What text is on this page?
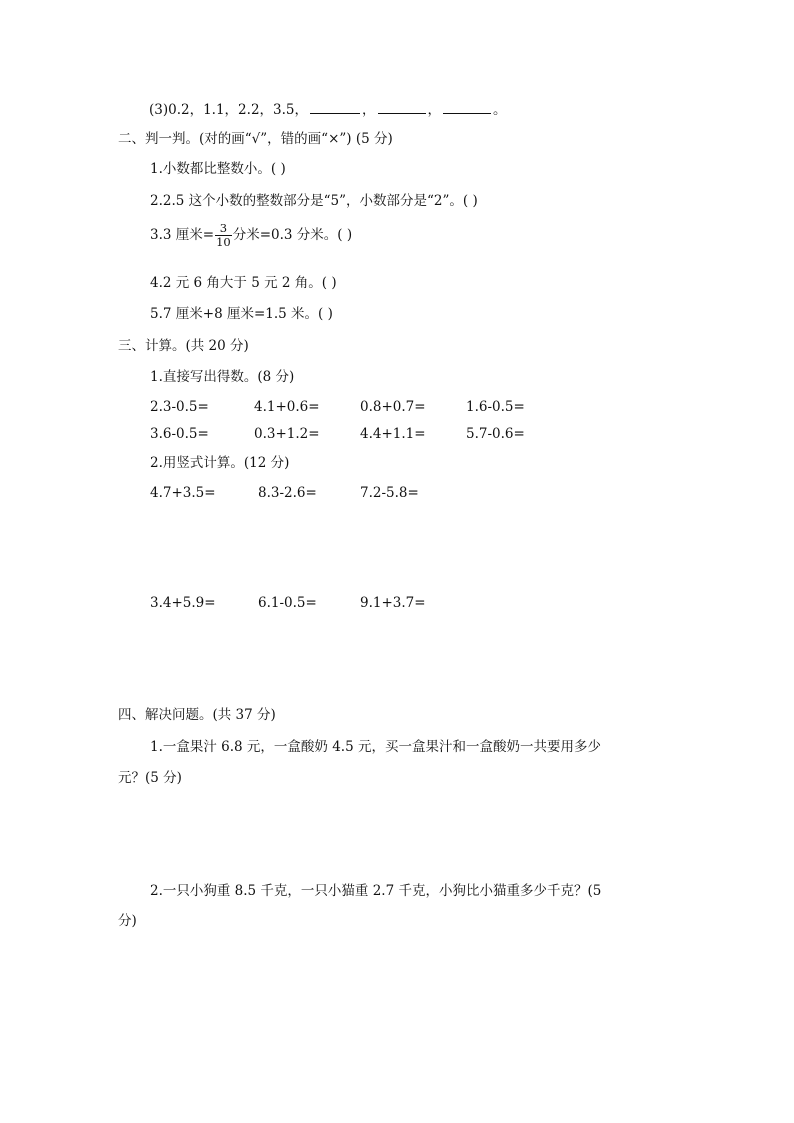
(3)0.2，1.1，2.2，3.5，	，	，	。
二、判一判。(对的画“√”，错的画“×”) (5 分)
1.小数都比整数小。( )
2.2.5 这个小数的整数部分是“5”，小数部分是“2”。( )
3.3 厘米= $\frac{3}{10}$ 分米=0.3 分米。( )
4.2 元 6 角大于 5 元 2 角。( )
5.7 厘米+8 厘米=1.5 米。( )
三、计算。(共 20 分)
1.直接写出得数。(8 分)
2.3-0.5=	4.1+0.6=	0.8+0.7=	1.6-0.5=
3.6-0.5=	0.3+1.2=	4.4+1.1=	5.7-0.6=
2.用竖式计算。(12 分)
4.7+3.5=	8.3-2.6=	7.2-5.8=
3.4+5.9=	6.1-0.5=	9.1+3.7=
四、解决问题。(共 37 分)
1.一盒果汁 6.8 元，一盒酸奶 4.5 元，买一盒果汁和一盒酸奶一共要用多少
元？(5 分)
2.一只小狗重 8.5 千克，一只小猫重 2.7 千克，小狗比小猫重多少千克？(5
分)
